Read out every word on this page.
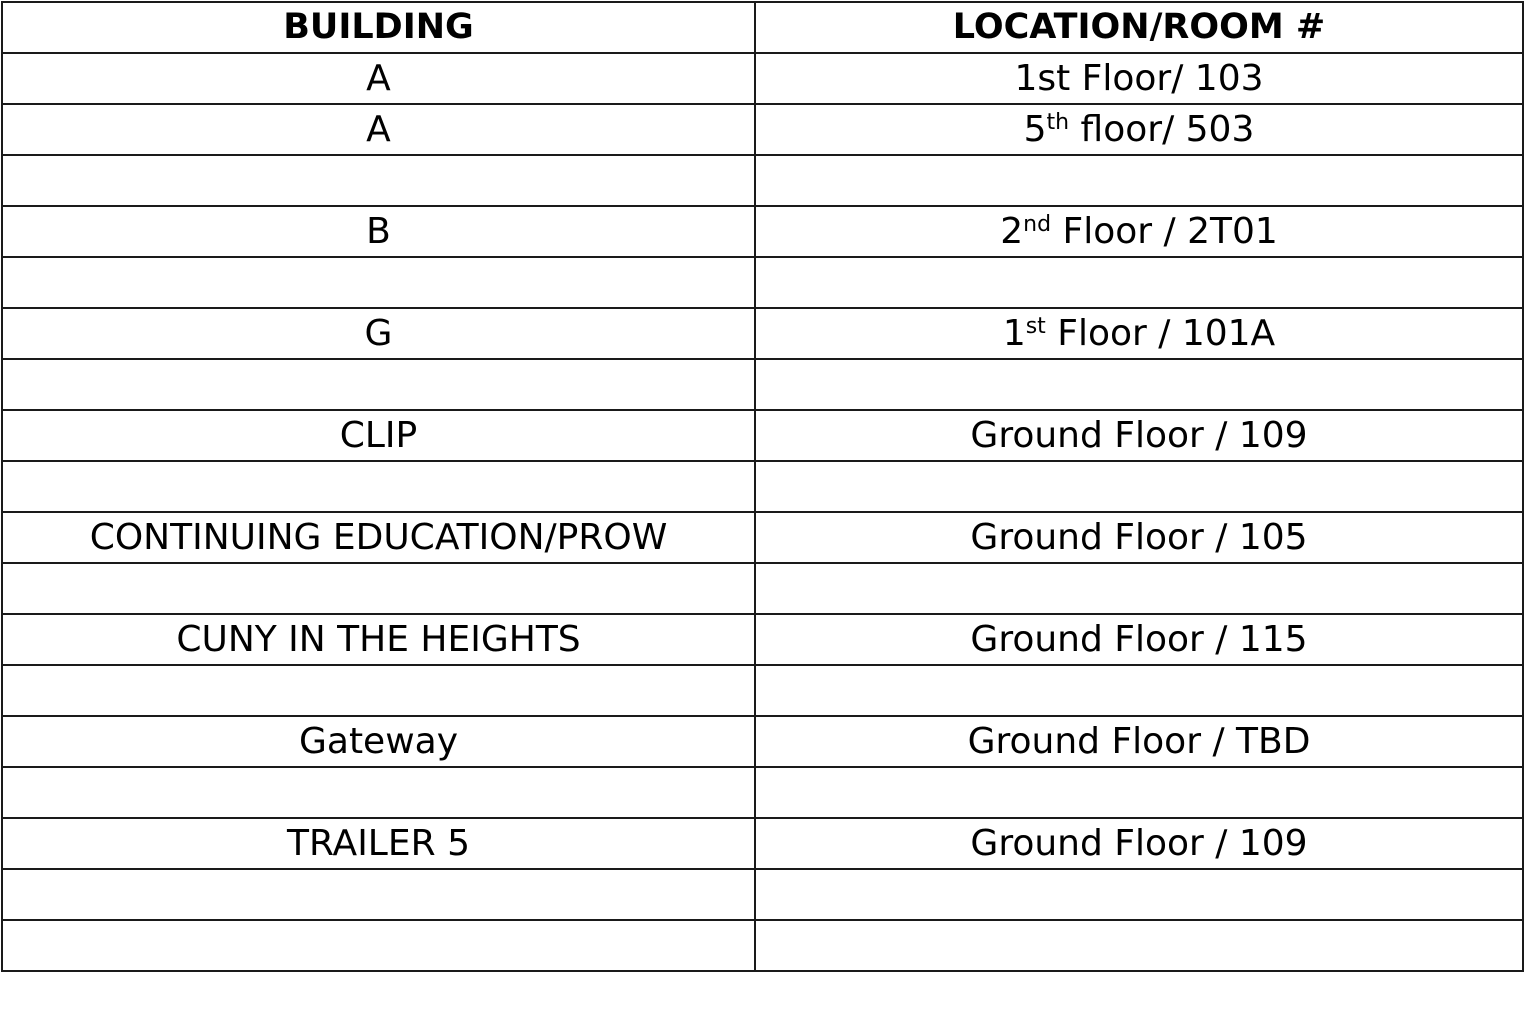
BUILDING	LOCATION/ROOM #
A	1st Floor/ 103
A	5th floor/ 503

B	2nd Floor / 2T01

G	1st Floor / 101A

CLIP	Ground Floor / 109

CONTINUING EDUCATION/PROW	Ground Floor / 105

CUNY IN THE HEIGHTS	Ground Floor / 115

Gateway	Ground Floor / TBD

TRAILER 5	Ground Floor / 109
